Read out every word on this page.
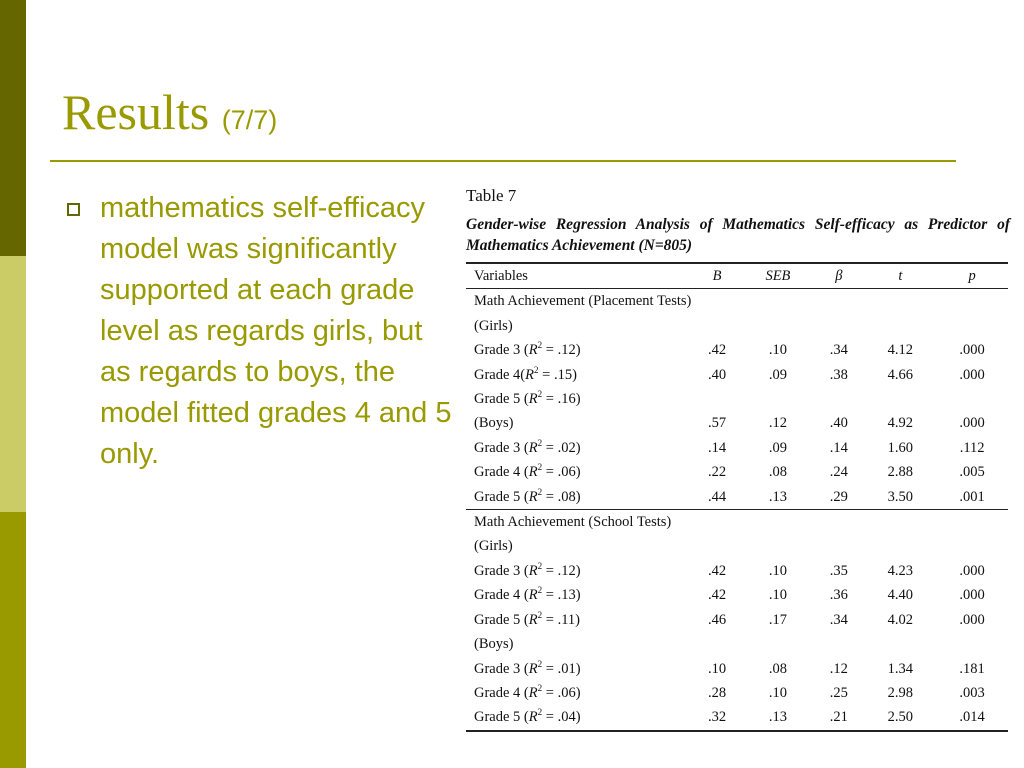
Results (7/7)
mathematics self-efficacy model was significantly supported at each grade level as regards girls, but as regards to boys, the model fitted grades 4 and 5 only.
Table 7
Gender-wise Regression Analysis of Mathematics Self-efficacy as Predictor of Mathematics Achievement (N=805)
Variables	B	SEB	β	t	p
Math Achievement (Placement Tests)					
(Girls)					
Grade 3 $(R^2 = .12)$	.42	.10	.34	4.12	.000
Grade $4(R^2 = .15)$	.40	.09	.38	4.66	.000
Grade 5 $(R^2 = .16)$					
(Boys)	.57	.12	.40	4.92	.000
Grade 3 $(R^2 = .02)$	.14	.09	.14	1.60	.112
Grade 4 $(R^2 = .06)$	.22	.08	.24	2.88	.005
Grade 5 $(R^2 = .08)$	.44	.13	.29	3.50	.001
Math Achievement (School Tests)					
(Girls)					
Grade 3 $(R^2 = .12)$	.42	.10	.35	4.23	.000
Grade 4 $(R^2 = .13)$	.42	.10	.36	4.40	.000
Grade 5 $(R^2 = .11)$	.46	.17	.34	4.02	.000
(Boys)					
Grade 3 $(R^2 = .01)$	.10	.08	.12	1.34	.181
Grade 4 $(R^2 = .06)$	.28	.10	.25	2.98	.003
Grade 5 $(R^2 = .04)$	.32	.13	.21	2.50	.014
